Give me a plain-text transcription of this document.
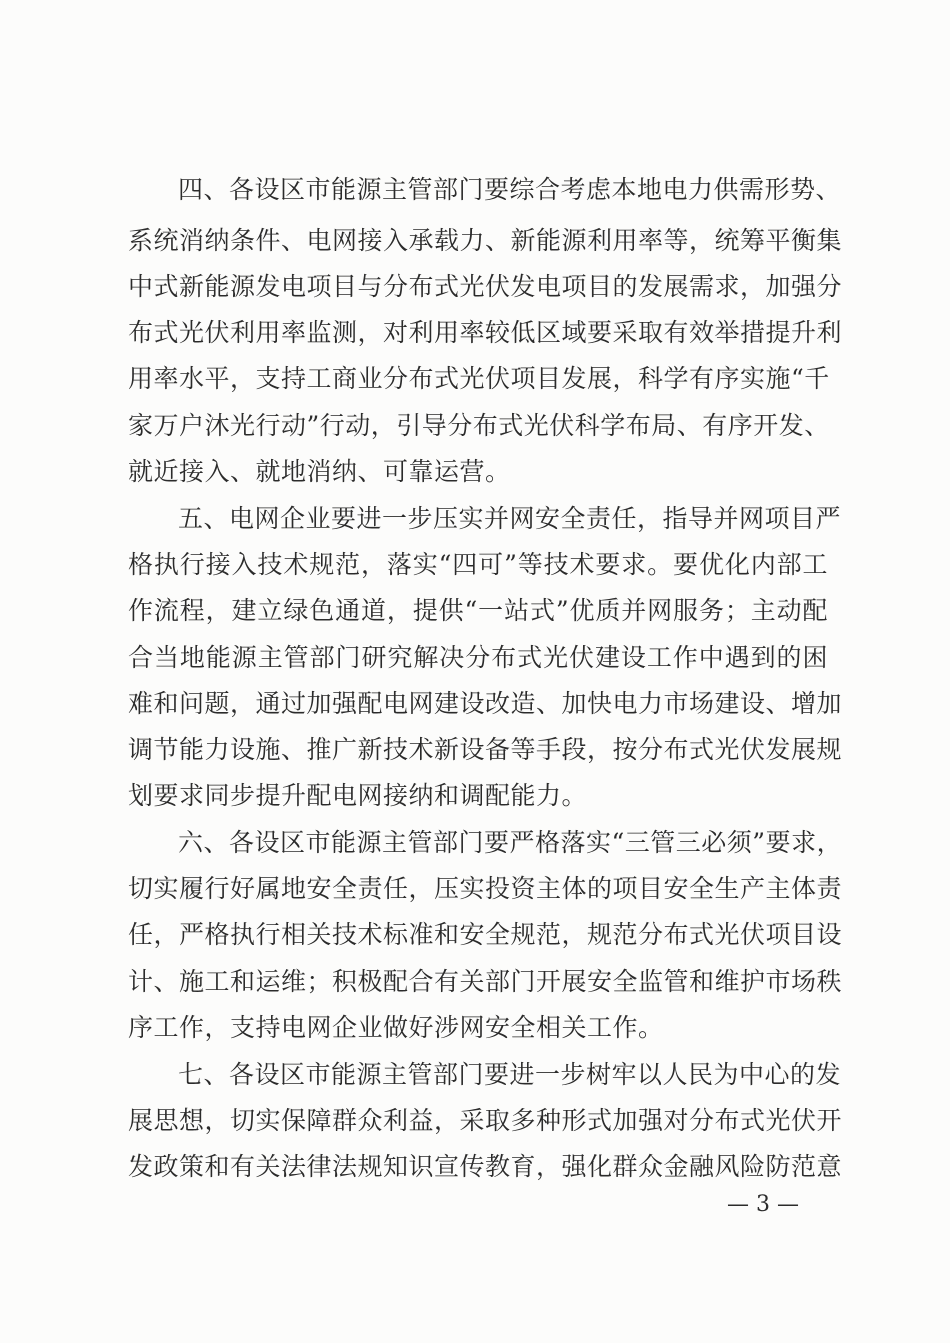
四、各设区市能源主管部门要综合考虑本地电力供需形势、
系统消纳条件、电网接入承载力、新能源利用率等，统筹平衡集
中式新能源发电项目与分布式光伏发电项目的发展需求，加强分
布式光伏利用率监测，对利用率较低区域要采取有效举措提升利
用率水平，支持工商业分布式光伏项目发展，科学有序实施“千
家万户沐光行动”行动，引导分布式光伏科学布局、有序开发、
就近接入、就地消纳、可靠运营。
五、电网企业要进一步压实并网安全责任，指导并网项目严
格执行接入技术规范，落实“四可”等技术要求。要优化内部工
作流程，建立绿色通道，提供“一站式”优质并网服务；主动配
合当地能源主管部门研究解决分布式光伏建设工作中遇到的困
难和问题，通过加强配电网建设改造、加快电力市场建设、增加
调节能力设施、推广新技术新设备等手段，按分布式光伏发展规
划要求同步提升配电网接纳和调配能力。
六、各设区市能源主管部门要严格落实“三管三必须”要求，
切实履行好属地安全责任，压实投资主体的项目安全生产主体责
任，严格执行相关技术标准和安全规范，规范分布式光伏项目设
计、施工和运维；积极配合有关部门开展安全监管和维护市场秩
序工作，支持电网企业做好涉网安全相关工作。
七、各设区市能源主管部门要进一步树牢以人民为中心的发
展思想，切实保障群众利益，采取多种形式加强对分布式光伏开
发政策和有关法律法规知识宣传教育，强化群众金融风险防范意
— 3 —
